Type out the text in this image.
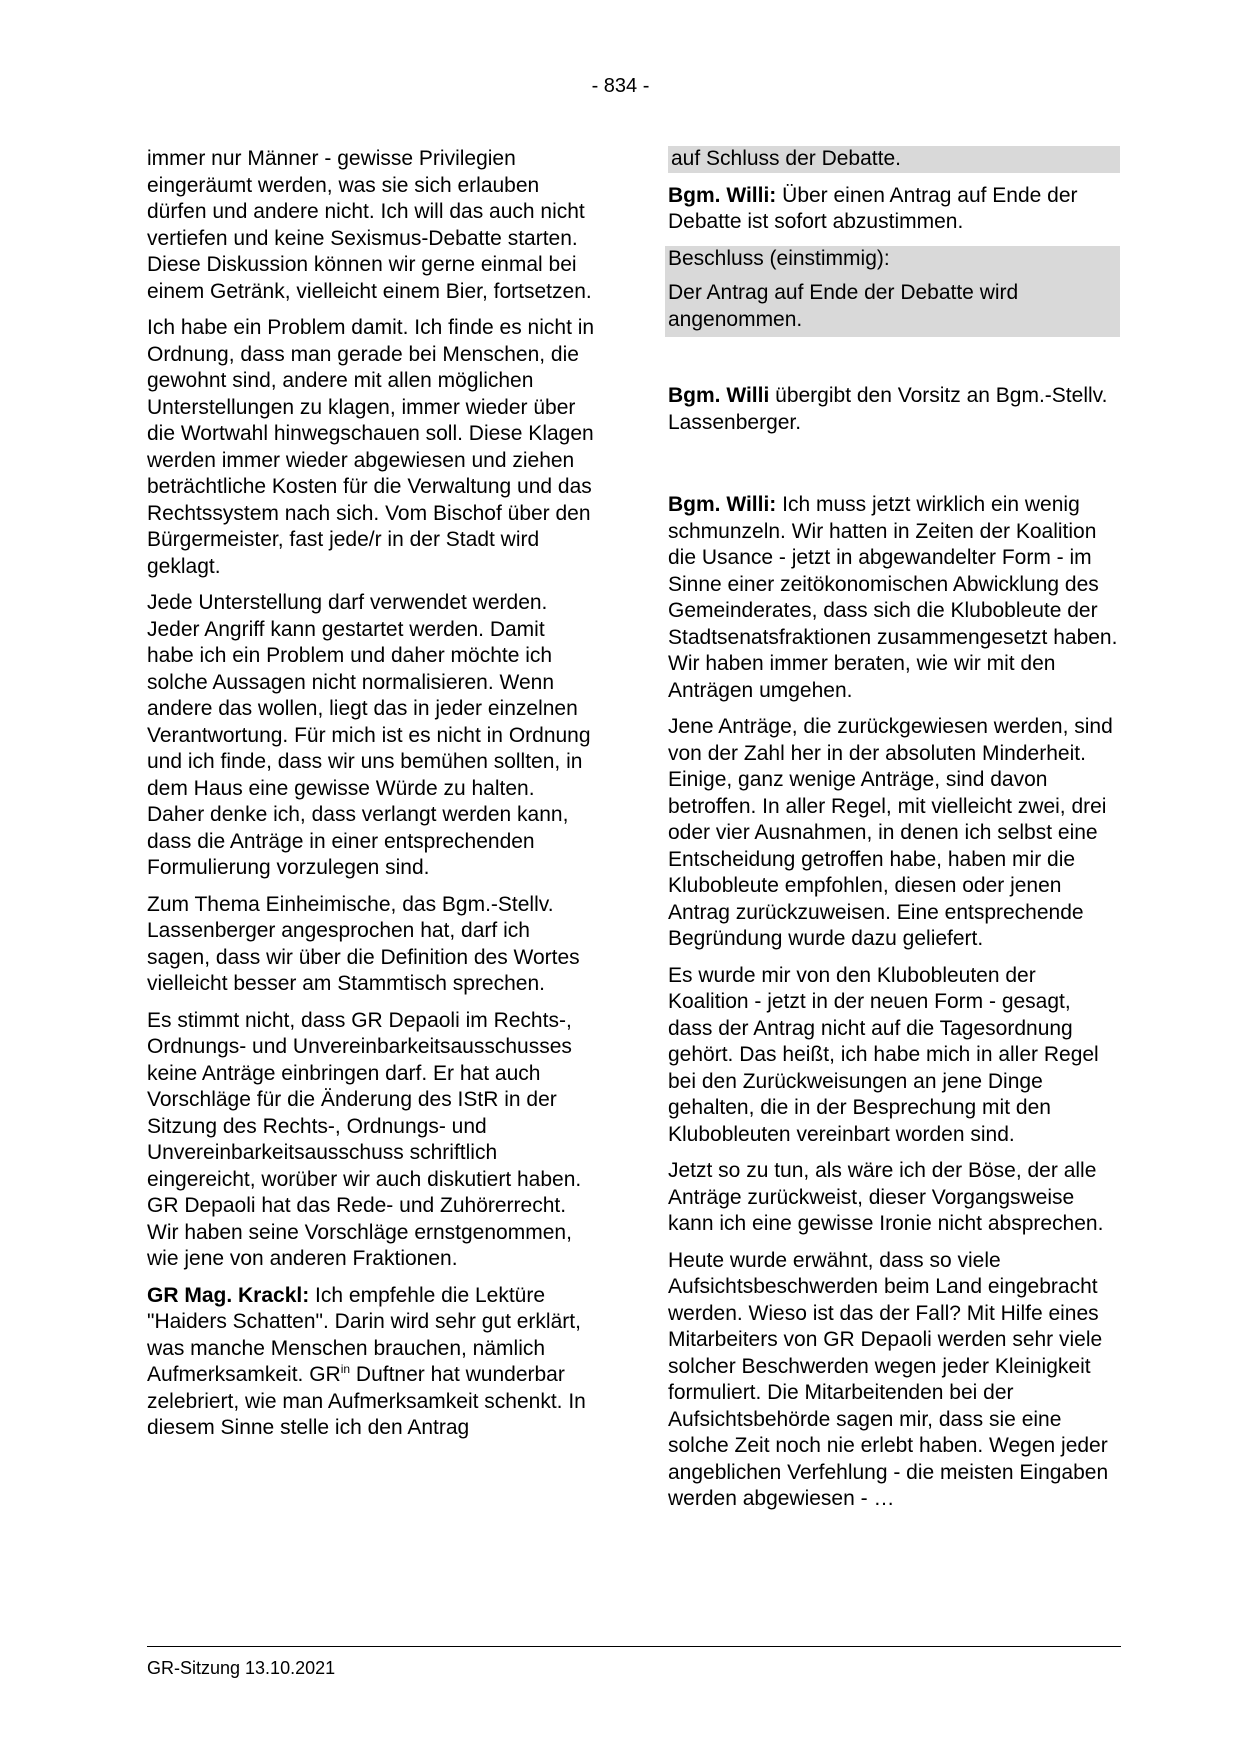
- 834 -

immer nur Männer - gewisse Privilegien eingeräumt werden, was sie sich erlauben dürfen und andere nicht. Ich will das auch nicht vertiefen und keine Sexismus-Debatte starten. Diese Diskussion können wir gerne einmal bei einem Getränk, vielleicht einem Bier, fortsetzen.

Ich habe ein Problem damit. Ich finde es nicht in Ordnung, dass man gerade bei Menschen, die gewohnt sind, andere mit allen möglichen Unterstellungen zu klagen, immer wieder über die Wortwahl hinwegschauen soll. Diese Klagen werden immer wieder abgewiesen und ziehen beträchtliche Kosten für die Verwaltung und das Rechtssystem nach sich. Vom Bischof über den Bürgermeister, fast jede/r in der Stadt wird geklagt.

Jede Unterstellung darf verwendet werden. Jeder Angriff kann gestartet werden. Damit habe ich ein Problem und daher möchte ich solche Aussagen nicht normalisieren. Wenn andere das wollen, liegt das in jeder einzelnen Verantwortung. Für mich ist es nicht in Ordnung und ich finde, dass wir uns bemühen sollten, in dem Haus eine gewisse Würde zu halten. Daher denke ich, dass verlangt werden kann, dass die Anträge in einer entsprechenden Formulierung vorzulegen sind.

Zum Thema Einheimische, das Bgm.-Stellv. Lassenberger angesprochen hat, darf ich sagen, dass wir über die Definition des Wortes vielleicht besser am Stammtisch sprechen.

Es stimmt nicht, dass GR Depaoli im Rechts-, Ordnungs- und Unvereinbarkeitsausschusses keine Anträge einbringen darf. Er hat auch Vorschläge für die Änderung des IStR in der Sitzung des Rechts-, Ordnungs- und Unvereinbarkeitsausschuss schriftlich eingereicht, worüber wir auch diskutiert haben. GR Depaoli hat das Rede- und Zuhörerrecht. Wir haben seine Vorschläge ernstgenommen, wie jene von anderen Fraktionen.

GR Mag. Krackl: Ich empfehle die Lektüre "Haiders Schatten". Darin wird sehr gut erklärt, was manche Menschen brauchen, nämlich Aufmerksamkeit. $GR^{in}$ Duftner hat wunderbar zelebriert, wie man Aufmerksamkeit schenkt. In diesem Sinne stelle ich den Antrag

auf Schluss der Debatte.

Bgm. Willi: Über einen Antrag auf Ende der Debatte ist sofort abzustimmen.

Beschluss (einstimmig):

Der Antrag auf Ende der Debatte wird angenommen.

Bgm. Willi übergibt den Vorsitz an Bgm.-Stellv. Lassenberger.

Bgm. Willi: Ich muss jetzt wirklich ein wenig schmunzeln. Wir hatten in Zeiten der Koalition die Usance - jetzt in abgewandelter Form - im Sinne einer zeitökonomischen Abwicklung des Gemeinderates, dass sich die Klubobleute der Stadtsenatsfraktionen zusammengesetzt haben. Wir haben immer beraten, wie wir mit den Anträgen umgehen.

Jene Anträge, die zurückgewiesen werden, sind von der Zahl her in der absoluten Minderheit. Einige, ganz wenige Anträge, sind davon betroffen. In aller Regel, mit vielleicht zwei, drei oder vier Ausnahmen, in denen ich selbst eine Entscheidung getroffen habe, haben mir die Klubobleute empfohlen, diesen oder jenen Antrag zurückzuweisen. Eine entsprechende Begründung wurde dazu geliefert.

Es wurde mir von den Klubobleuten der Koalition - jetzt in der neuen Form - gesagt, dass der Antrag nicht auf die Tagesordnung gehört. Das heißt, ich habe mich in aller Regel bei den Zurückweisungen an jene Dinge gehalten, die in der Besprechung mit den Klubobleuten vereinbart worden sind.

Jetzt so zu tun, als wäre ich der Böse, der alle Anträge zurückweist, dieser Vorgangsweise kann ich eine gewisse Ironie nicht absprechen.

Heute wurde erwähnt, dass so viele Aufsichtsbeschwerden beim Land eingebracht werden. Wieso ist das der Fall? Mit Hilfe eines Mitarbeiters von GR Depaoli werden sehr viele solcher Beschwerden wegen jeder Kleinigkeit formuliert. Die Mitarbeitenden bei der Aufsichtsbehörde sagen mir, dass sie eine solche Zeit noch nie erlebt haben. Wegen jeder angeblichen Verfehlung - die meisten Eingaben werden abgewiesen - …

GR-Sitzung 13.10.2021
